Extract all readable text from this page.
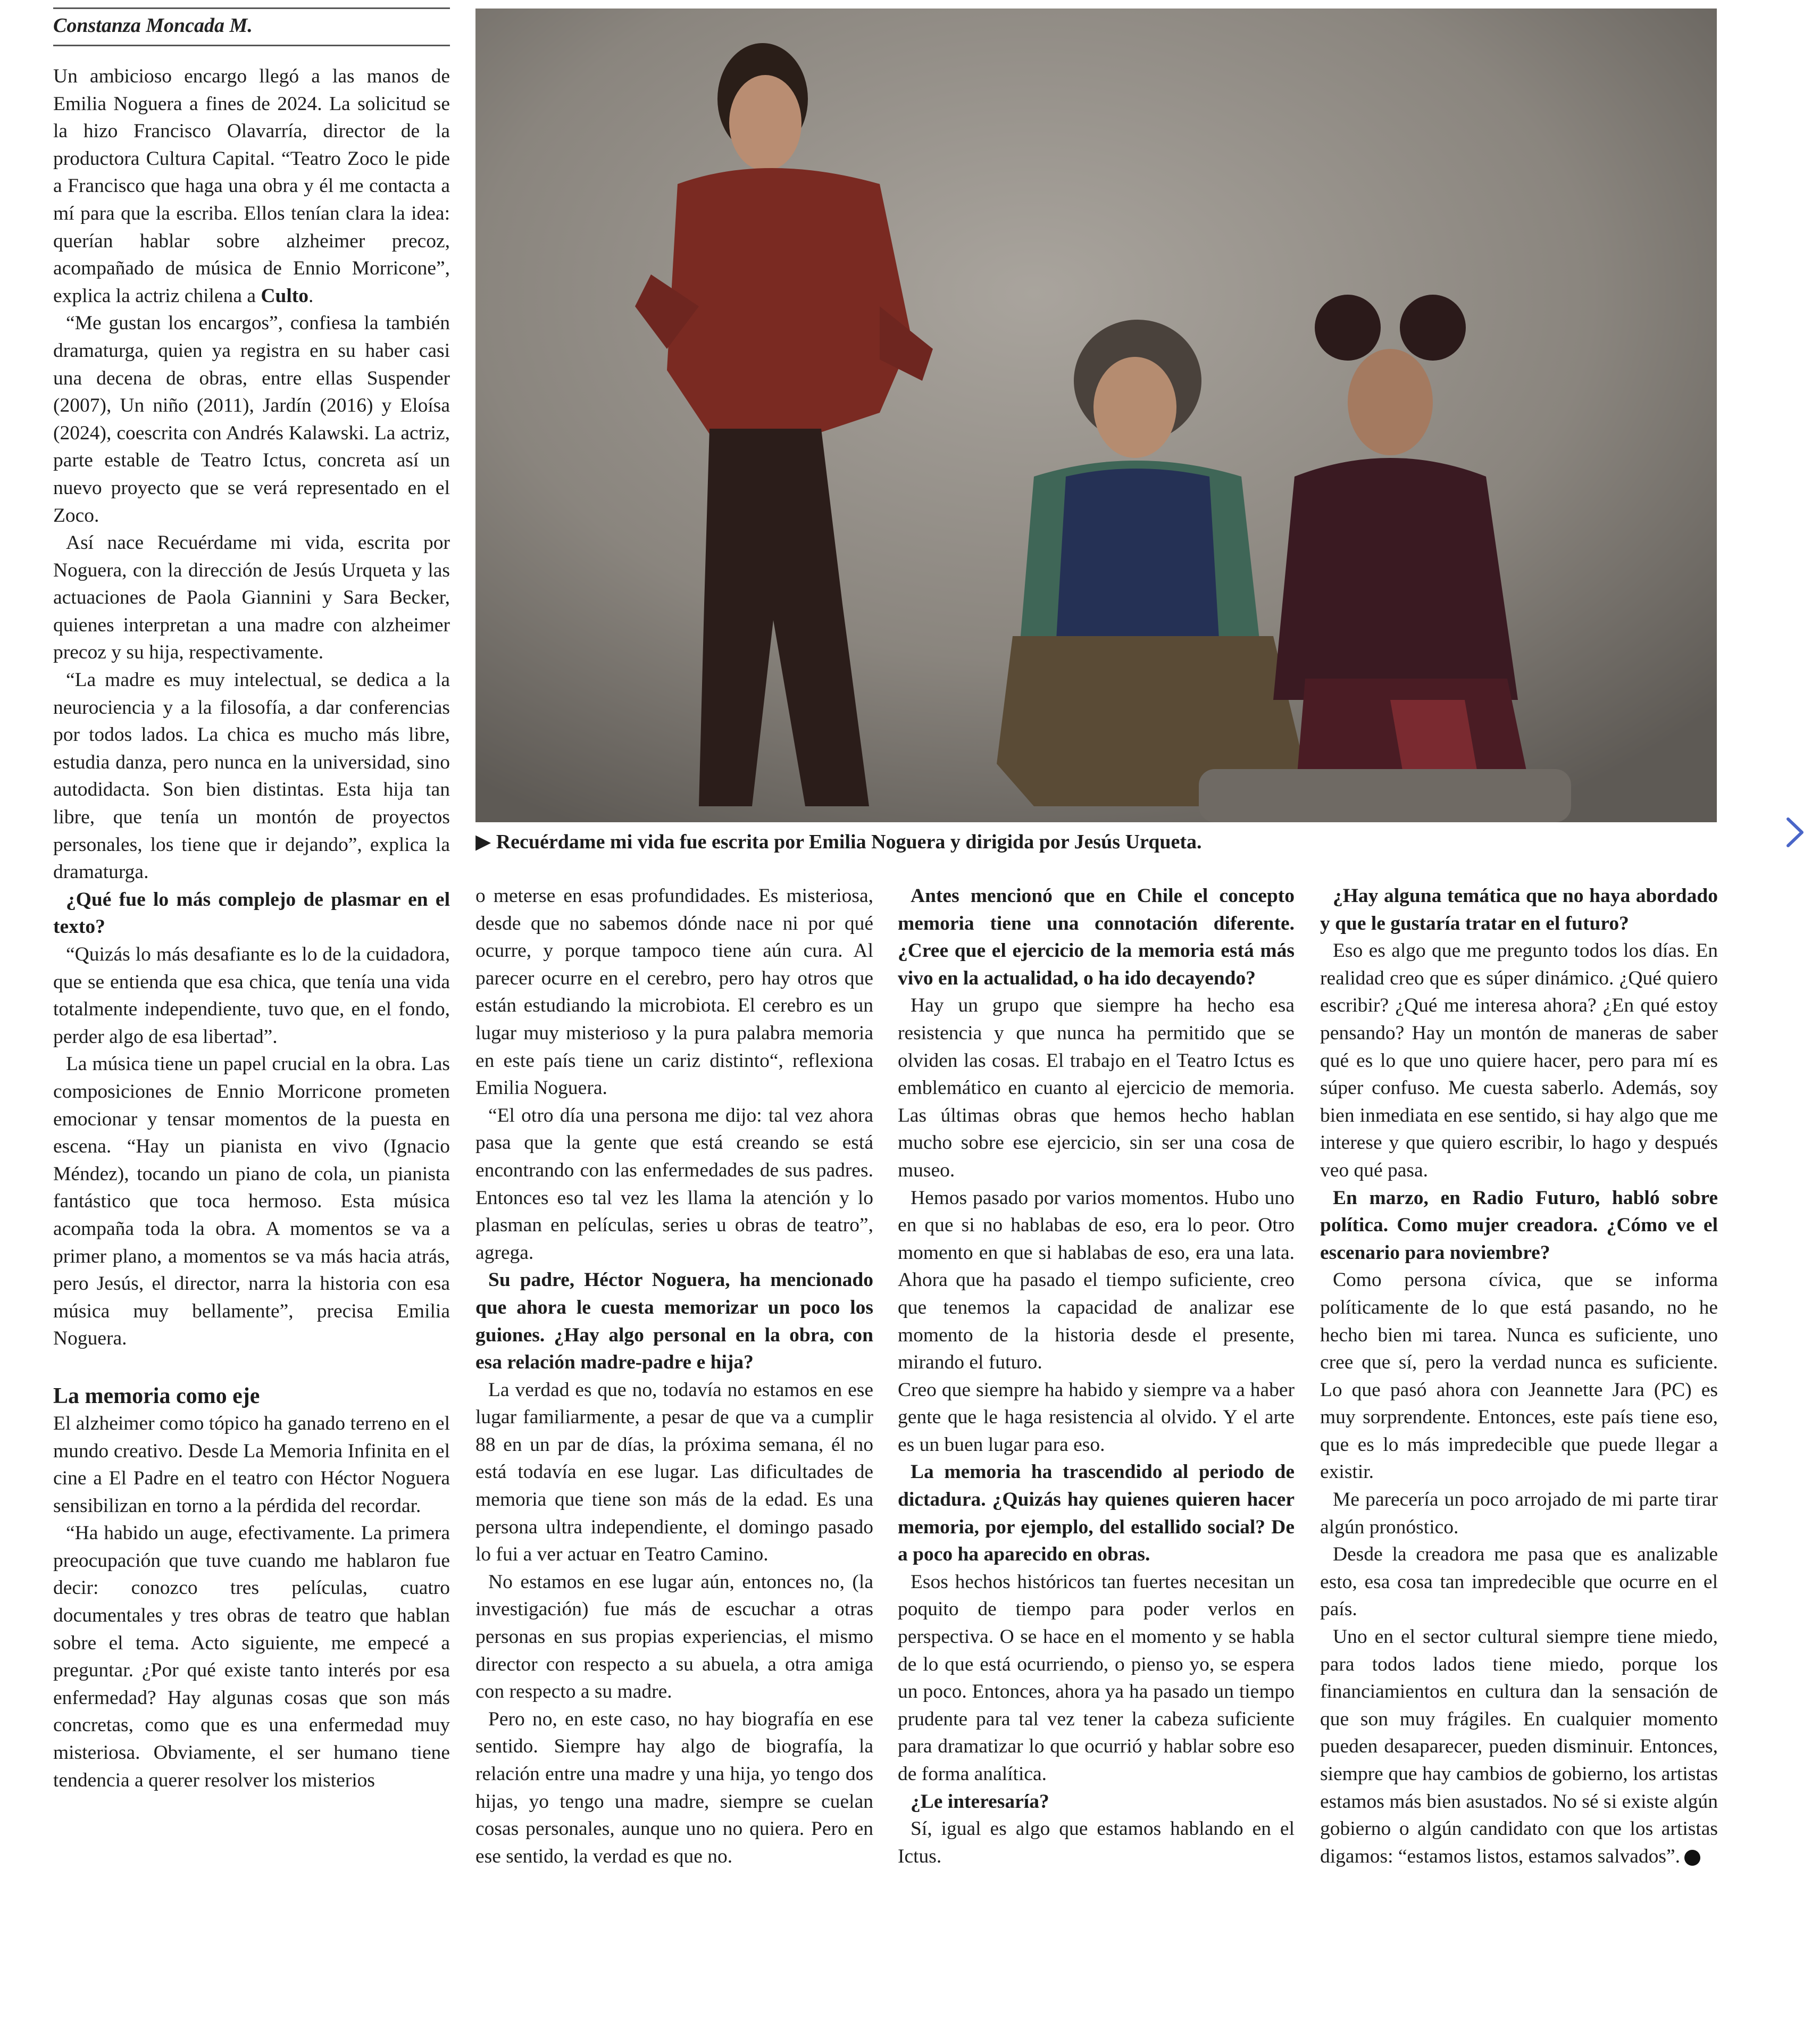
Constanza Moncada M.

Un ambicioso encargo llegó a las manos de Emilia Noguera a fines de 2024. La solicitud se la hizo Francisco Olavarría, director de la productora Cultura Capital. “Teatro Zoco le pide a Francisco que haga una obra y él me contacta a mí para que la escriba. Ellos tenían clara la idea: querían hablar sobre alzheimer precoz, acompañado de música de Ennio Morricone”, explica la actriz chilena a Culto.

“Me gustan los encargos”, confiesa la también dramaturga, quien ya registra en su haber casi una decena de obras, entre ellas Suspender (2007), Un niño (2011), Jardín (2016) y Eloísa (2024), coescrita con Andrés Kalawski. La actriz, parte estable de Teatro Ictus, concreta así un nuevo proyecto que se verá representado en el Zoco.

Así nace Recuérdame mi vida, escrita por Noguera, con la dirección de Jesús Urqueta y las actuaciones de Paola Giannini y Sara Becker, quienes interpretan a una madre con alzheimer precoz y su hija, respectivamente.

“La madre es muy intelectual, se dedica a la neurociencia y a la filosofía, a dar conferencias por todos lados. La chica es mucho más libre, estudia danza, pero nunca en la universidad, sino autodidacta. Son bien distintas. Esta hija tan libre, que tenía un montón de proyectos personales, los tiene que ir dejando”, explica la dramaturga.

¿Qué fue lo más complejo de plasmar en el texto?

“Quizás lo más desafiante es lo de la cuidadora, que se entienda que esa chica, que tenía una vida totalmente independiente, tuvo que, en el fondo, perder algo de esa libertad”.

La música tiene un papel crucial en la obra. Las composiciones de Ennio Morricone prometen emocionar y tensar momentos de la puesta en escena. “Hay un pianista en vivo (Ignacio Méndez), tocando un piano de cola, un pianista fantástico que toca hermoso. Esta música acompaña toda la obra. A momentos se va a primer plano, a momentos se va más hacia atrás, pero Jesús, el director, narra la historia con esa música muy bellamente”, precisa Emilia Noguera.

La memoria como eje

El alzheimer como tópico ha ganado terreno en el mundo creativo. Desde La Memoria Infinita en el cine a El Padre en el teatro con Héctor Noguera sensibilizan en torno a la pérdida del recordar.

“Ha habido un auge, efectivamente. La primera preocupación que tuve cuando me hablaron fue decir: conozco tres películas, cuatro documentales y tres obras de teatro que hablan sobre el tema. Acto siguiente, me empecé a preguntar. ¿Por qué existe tanto interés por esa enfermedad? Hay algunas cosas que son más concretas, como que es una enfermedad muy misteriosa. Obviamente, el ser humano tiene tendencia a querer resolver los misterios

▶ Recuérdame mi vida fue escrita por Emilia Noguera y dirigida por Jesús Urqueta.

o meterse en esas profundidades. Es misteriosa, desde que no sabemos dónde nace ni por qué ocurre, y porque tampoco tiene aún cura. Al parecer ocurre en el cerebro, pero hay otros que están estudiando la microbiota. El cerebro es un lugar muy misterioso y la pura palabra memoria en este país tiene un cariz distinto“, reflexiona Emilia Noguera.

“El otro día una persona me dijo: tal vez ahora pasa que la gente que está creando se está encontrando con las enfermedades de sus padres. Entonces eso tal vez les llama la atención y lo plasman en películas, series u obras de teatro”, agrega.

Su padre, Héctor Noguera, ha mencionado que ahora le cuesta memorizar un poco los guiones. ¿Hay algo personal en la obra, con esa relación madre-padre e hija?

La verdad es que no, todavía no estamos en ese lugar familiarmente, a pesar de que va a cumplir 88 en un par de días, la próxima semana, él no está todavía en ese lugar. Las dificultades de memoria que tiene son más de la edad. Es una persona ultra independiente, el domingo pasado lo fui a ver actuar en Teatro Camino.

No estamos en ese lugar aún, entonces no, (la investigación) fue más de escuchar a otras personas en sus propias experiencias, el mismo director con respecto a su abuela, a otra amiga con respecto a su madre.

Pero no, en este caso, no hay biografía en ese sentido. Siempre hay algo de biografía, la relación entre una madre y una hija, yo tengo dos hijas, yo tengo una madre, siempre se cuelan cosas personales, aunque uno no quiera. Pero en ese sentido, la verdad es que no.

Antes mencionó que en Chile el concepto memoria tiene una connotación diferente. ¿Cree que el ejercicio de la memoria está más vivo en la actualidad, o ha ido decayendo?

Hay un grupo que siempre ha hecho esa resistencia y que nunca ha permitido que se olviden las cosas. El trabajo en el Teatro Ictus es emblemático en cuanto al ejercicio de memoria. Las últimas obras que hemos hecho hablan mucho sobre ese ejercicio, sin ser una cosa de museo.

Hemos pasado por varios momentos. Hubo uno en que si no hablabas de eso, era lo peor. Otro momento en que si hablabas de eso, era una lata. Ahora que ha pasado el tiempo suficiente, creo que tenemos la capacidad de analizar ese momento de la historia desde el presente, mirando el futuro.

Creo que siempre ha habido y siempre va a haber gente que le haga resistencia al olvido. Y el arte es un buen lugar para eso.

La memoria ha trascendido al periodo de dictadura. ¿Quizás hay quienes quieren hacer memoria, por ejemplo, del estallido social? De a poco ha aparecido en obras.

Esos hechos históricos tan fuertes necesitan un poquito de tiempo para poder verlos en perspectiva. O se hace en el momento y se habla de lo que está ocurriendo, o pienso yo, se espera un poco. Entonces, ahora ya ha pasado un tiempo prudente para tal vez tener la cabeza suficiente para dramatizar lo que ocurrió y hablar sobre eso de forma analítica.

¿Le interesaría?

Sí, igual es algo que estamos hablando en el Ictus.

¿Hay alguna temática que no haya abordado y que le gustaría tratar en el futuro?

Eso es algo que me pregunto todos los días. En realidad creo que es súper dinámico. ¿Qué quiero escribir? ¿Qué me interesa ahora? ¿En qué estoy pensando? Hay un montón de maneras de saber qué es lo que uno quiere hacer, pero para mí es súper confuso. Me cuesta saberlo. Además, soy bien inmediata en ese sentido, si hay algo que me interese y que quiero escribir, lo hago y después veo qué pasa.

En marzo, en Radio Futuro, habló sobre política. Como mujer creadora. ¿Cómo ve el escenario para noviembre?

Como persona cívica, que se informa políticamente de lo que está pasando, no he hecho bien mi tarea. Nunca es suficiente, uno cree que sí, pero la verdad nunca es suficiente. Lo que pasó ahora con Jeannette Jara (PC) es muy sorprendente. Entonces, este país tiene eso, que es lo más impredecible que puede llegar a existir.

Me parecería un poco arrojado de mi parte tirar algún pronóstico.

Desde la creadora me pasa que es analizable esto, esa cosa tan impredecible que ocurre en el país.

Uno en el sector cultural siempre tiene miedo, para todos lados tiene miedo, porque los financiamientos en cultura dan la sensación de que son muy frágiles. En cualquier momento pueden desaparecer, pueden disminuir. Entonces, siempre que hay cambios de gobierno, los artistas estamos más bien asustados. No sé si existe algún gobierno o algún candidato con que los artistas digamos: “estamos listos, estamos salvados”.
